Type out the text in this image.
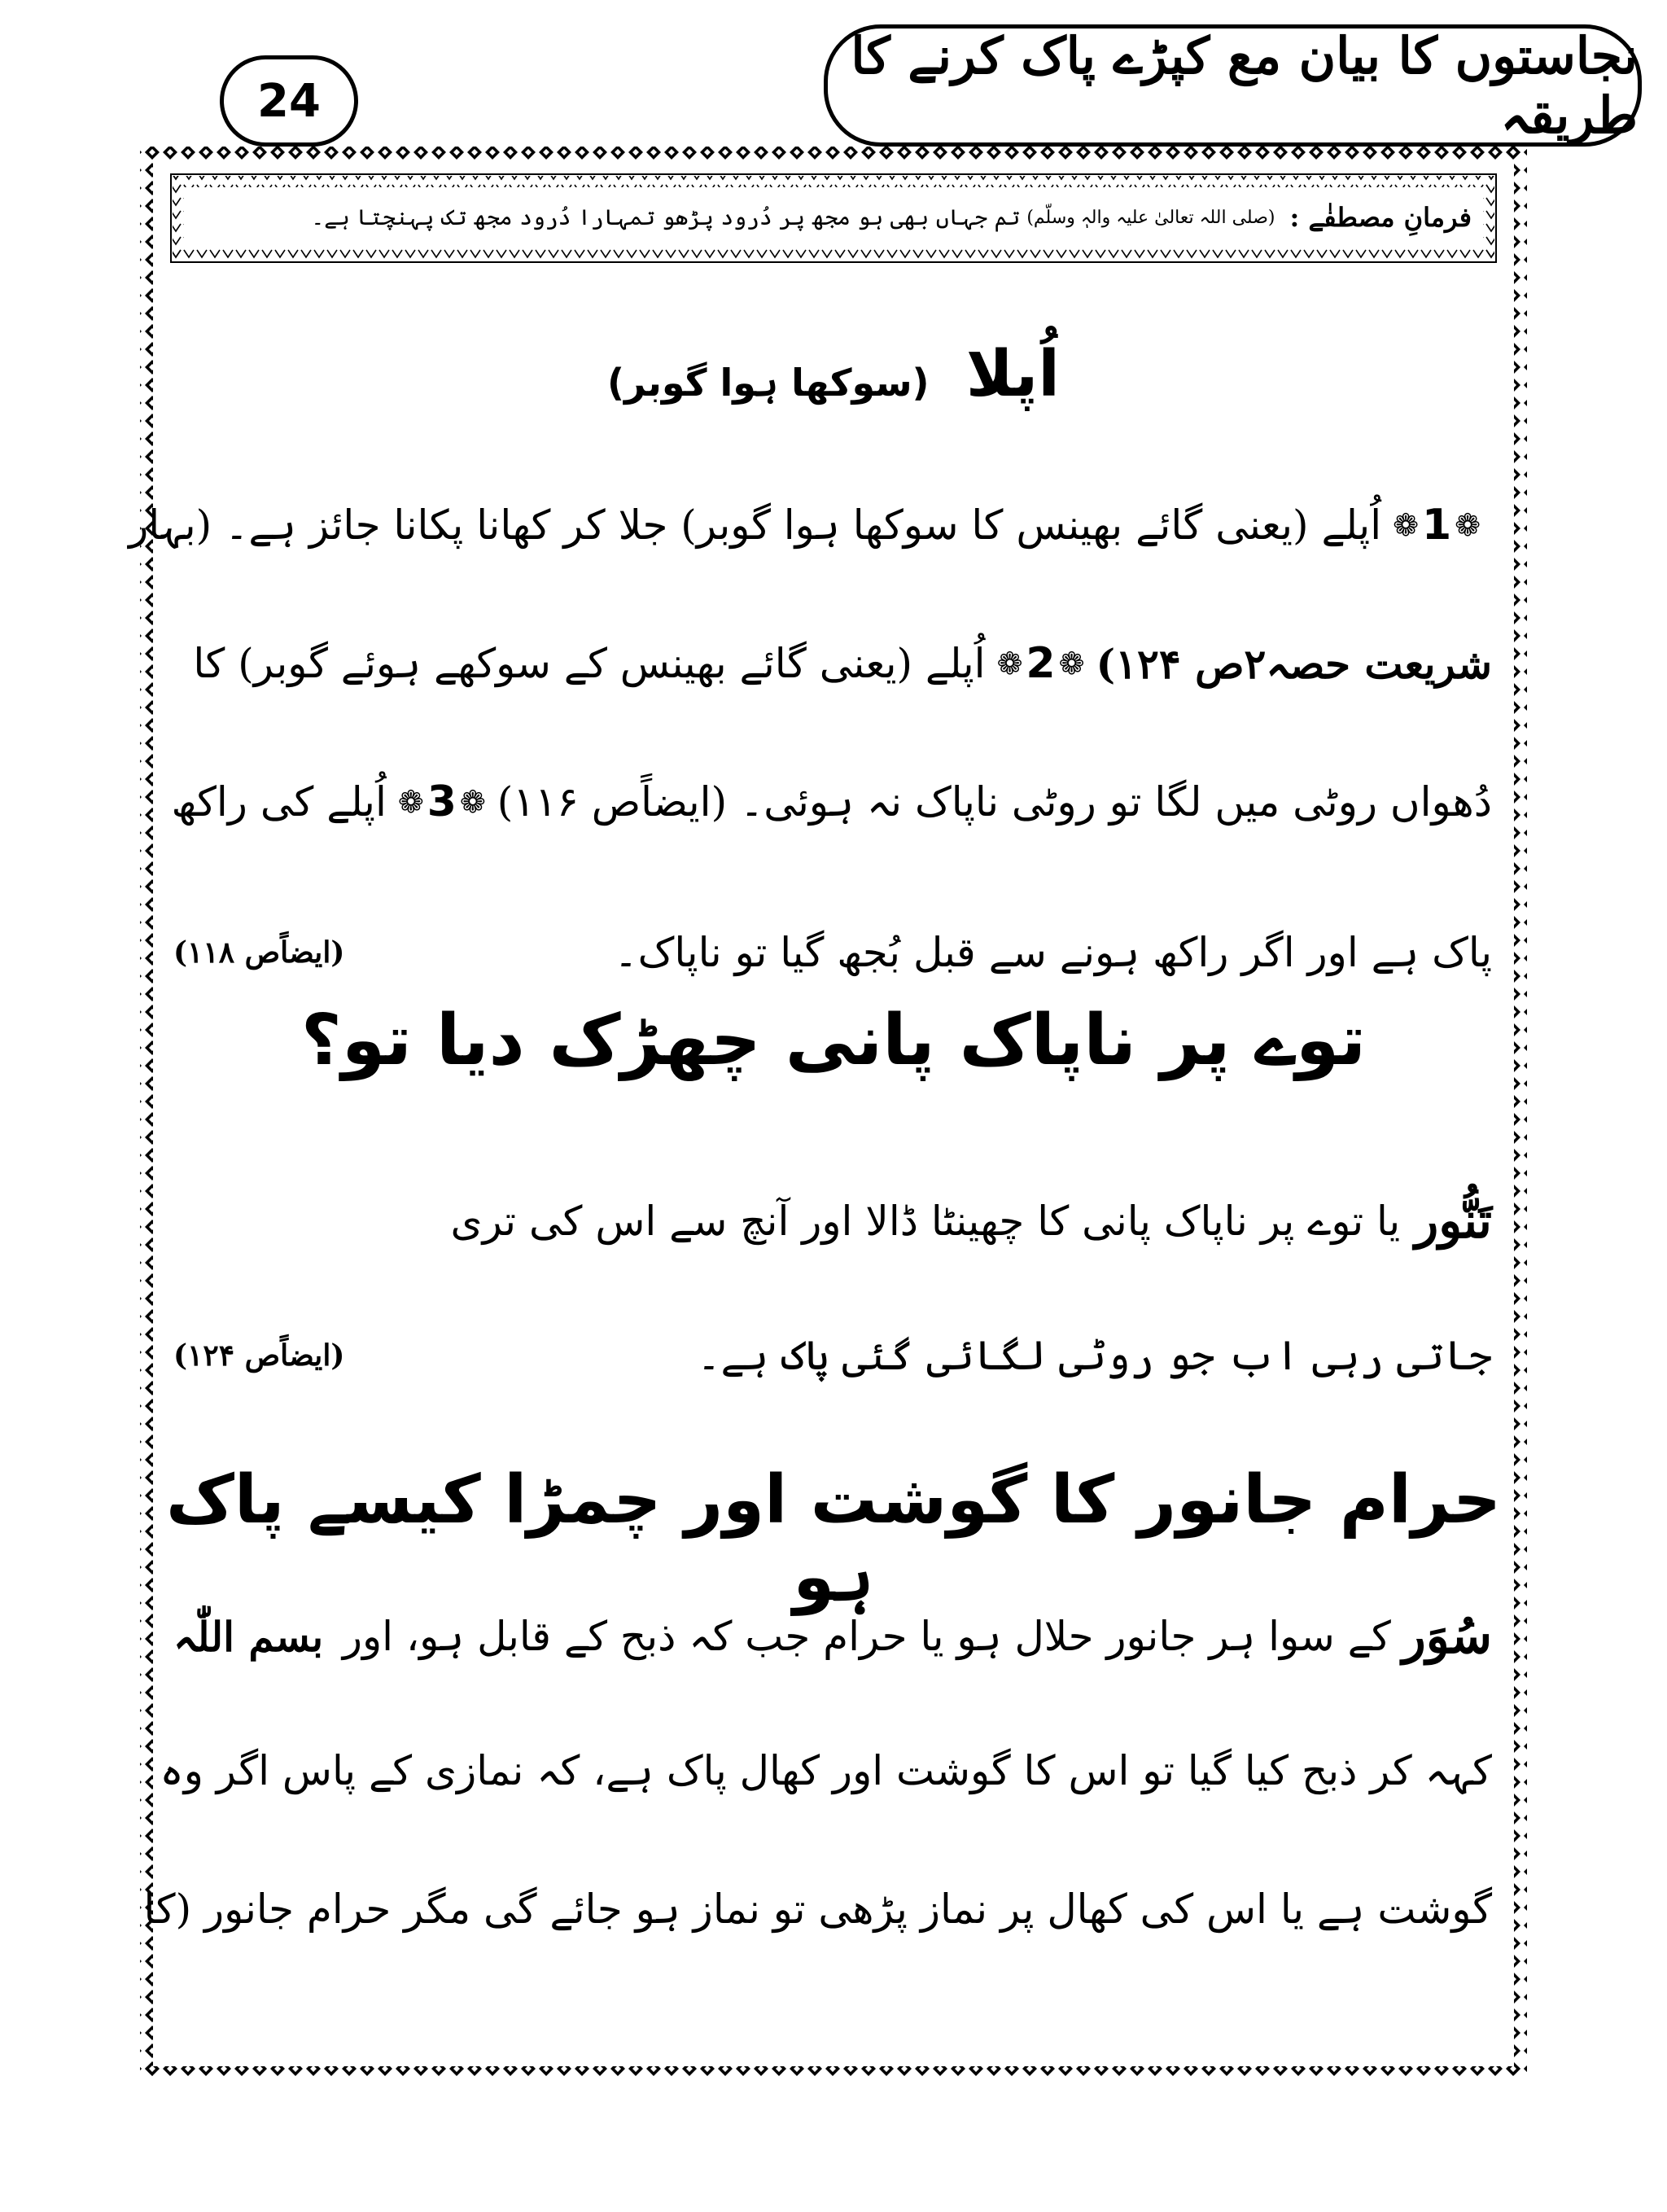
24
نجاستوں کا بیان مع کپڑے پاک کرنے کا طریقہ
فرمانِ مصطفٰے :
(صلی اللہ تعالیٰ علیہ والہٖ وسلّم)
تم جہاں بھی ہو مجھ پر دُرود پڑھو تمہارا دُرود مجھ تک پہنچتا ہے۔
اُپلا (سوکھا ہوا گوبر)
❁
1
❁
اُپلے (یعنی گائے بھینس کا سوکھا ہوا گوبر) جلا کر کھانا پکانا جائز ہے۔ (بہار
شریعت حصہ۲ص ۱۲۴)
❁
2
❁
اُپلے (یعنی گائے بھینس کے سوکھے ہوئے گوبر) کا
دُھواں روٹی میں لگا تو روٹی ناپاک نہ ہوئی۔ (ایضاًص ۱۱۶)
❁
3
❁
اُپلے کی راکھ
پاک ہے اور اگر راکھ ہونے سے قبل بُجھ گیا تو ناپاک۔
(ایضاًص ۱۱۸)
توے پر ناپاک پانی چھڑک دیا تو؟
تَنُّور
یا توے پر ناپاک پانی کا چھینٹا ڈالا اور آنچ سے اس کی تری
جاتی رہی اب جو روٹی لگائی گئی پاک ہے۔
(ایضاًص ۱۲۴)
حرام جانور کا گوشت اور چمڑا کیسے پاک ہو
سُوَر
کے سوا ہر جانور حلال ہو یا حرام جب کہ ذبح کے قابل ہو، اور
بسم اللّٰہ
کہہ کر ذبح کیا گیا تو اس کا گوشت اور کھال پاک ہے، کہ نمازی کے پاس اگر وہ
گوشت ہے یا اس کی کھال پر نماز پڑھی تو نماز ہو جائے گی مگر حرام جانور (کا
